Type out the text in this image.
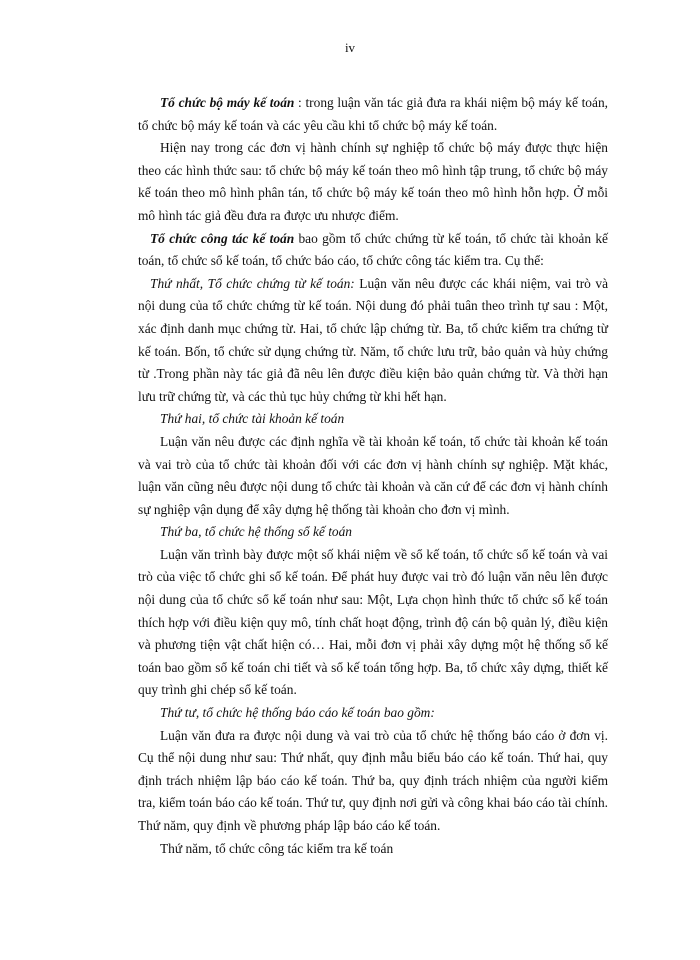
iv

Tổ chức bộ máy kế toán : trong luận văn tác giả đưa ra khái niệm bộ máy kế toán, tổ chức bộ máy kế toán và các yêu cầu khi tổ chức bộ máy kế toán.

Hiện nay trong các đơn vị hành chính sự nghiệp tổ chức bộ máy được thực hiện theo các hình thức sau: tổ chức bộ máy kế toán theo mô hình tập trung, tổ chức bộ máy kế toán theo mô hình phân tán, tổ chức bộ máy kế toán theo mô hình hỗn hợp. Ở mỗi mô hình tác giả đều đưa ra được ưu nhược điểm.

Tổ chức công tác kế toán bao gồm tổ chức chứng từ kế toán, tổ chức tài khoản kế toán, tổ chức sổ kế toán, tổ chức báo cáo, tổ chức công tác kiểm tra. Cụ thể:

Thứ nhất, Tổ chức chứng từ kế toán: Luận văn nêu được các khái niệm, vai trò và nội dung của tổ chức chứng từ kế toán. Nội dung đó phải tuân theo trình tự sau : Một, xác định danh mục chứng từ. Hai, tổ chức lập chứng từ. Ba, tổ chức kiểm tra chứng từ kế toán. Bốn, tổ chức sử dụng chứng từ. Năm, tổ chức lưu trữ, bảo quản và hủy chứng từ .Trong phần này tác giả đã nêu lên được điều kiện bảo quản chứng từ. Và thời hạn lưu trữ chứng từ, và các thủ tục hủy chứng từ khi hết hạn.

Thứ hai, tổ chức tài khoản kế toán

Luận văn nêu được các định nghĩa về tài khoản kế toán, tổ chức tài khoản kế toán và vai trò của tổ chức tài khoản đối với các đơn vị hành chính sự nghiệp. Mặt khác, luận văn cũng nêu được nội dung tổ chức tài khoản và căn cứ để các đơn vị hành chính sự nghiệp vận dụng để xây dựng hệ thống tài khoản cho đơn vị mình.

Thứ ba, tổ chức hệ thống sổ kế toán

Luận văn trình bày được một số khái niệm về sổ kế toán, tổ chức sổ kế toán và vai trò của việc tổ chức ghi sổ kế toán. Để phát huy được vai trò đó luận văn nêu lên được nội dung của tổ chức sổ kế toán như sau: Một, Lựa chọn hình thức tổ chức sổ kế toán thích hợp với điều kiện quy mô, tính chất hoạt động, trình độ cán bộ quản lý, điều kiện và phương tiện vật chất hiện có… Hai, mỗi đơn vị phải xây dựng một hệ thống sổ kế toán bao gồm sổ kế toán chi tiết và sổ kế toán tổng hợp. Ba, tổ chức xây dựng, thiết kế quy trình ghi chép sổ kế toán.

Thứ tư, tổ chức hệ thống báo cáo kế toán bao gồm:

Luận văn đưa ra được nội dung và vai trò của tổ chức hệ thống báo cáo ở đơn vị. Cụ thể nội dung như sau: Thứ nhất, quy định mẫu biểu báo cáo kế toán. Thứ hai, quy định trách nhiệm lập báo cáo kế toán. Thứ ba, quy định trách nhiệm của người kiểm tra, kiểm toán báo cáo kế toán. Thứ tư, quy định nơi gửi và công khai báo cáo tài chính. Thứ năm, quy định về phương pháp lập báo cáo kế toán.

Thứ năm, tổ chức công tác kiểm tra kế toán
